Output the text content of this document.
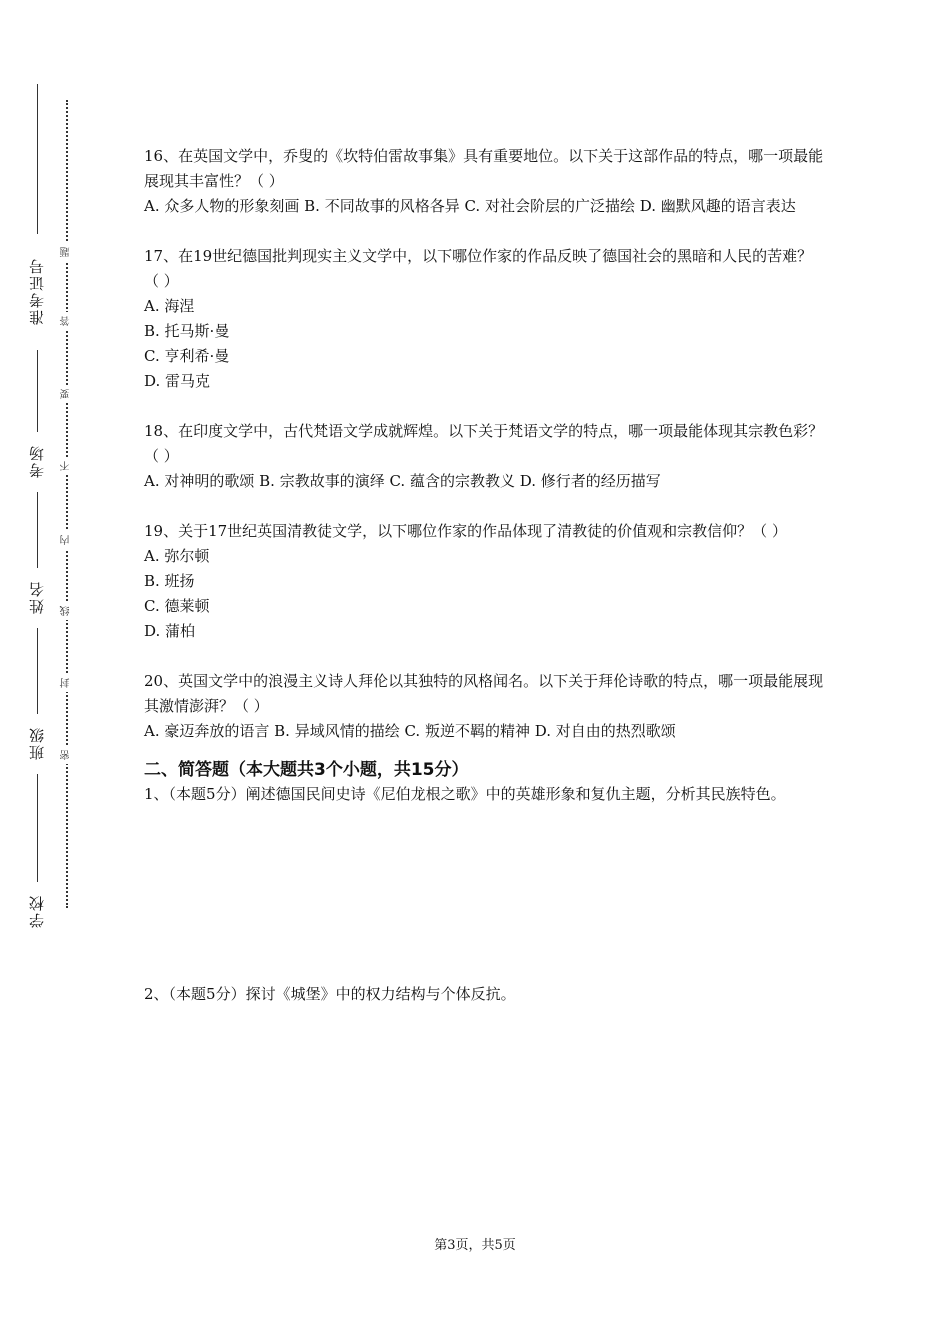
准考证号
考场
姓名
班级
学校
题
答
要
不
内
线
封
密

16、在英国文学中，乔叟的《坎特伯雷故事集》具有重要地位。以下关于这部作品的特点，哪一项最能展现其丰富性？（ ）

A. 众多人物的形象刻画 B. 不同故事的风格各异 C. 对社会阶层的广泛描绘 D. 幽默风趣的语言表达

17、在19世纪德国批判现实主义文学中，以下哪位作家的作品反映了德国社会的黑暗和人民的苦难？（ ）

A. 海涅

B. 托马斯·曼

C. 亨利希·曼

D. 雷马克

18、在印度文学中，古代梵语文学成就辉煌。以下关于梵语文学的特点，哪一项最能体现其宗教色彩？（ ）

A. 对神明的歌颂 B. 宗教故事的演绎 C. 蕴含的宗教教义 D. 修行者的经历描写

19、关于17世纪英国清教徒文学，以下哪位作家的作品体现了清教徒的价值观和宗教信仰？（ ）

A. 弥尔顿

B. 班扬

C. 德莱顿

D. 蒲柏

20、英国文学中的浪漫主义诗人拜伦以其独特的风格闻名。以下关于拜伦诗歌的特点，哪一项最能展现其激情澎湃？（ ）

A. 豪迈奔放的语言 B. 异域风情的描绘 C. 叛逆不羁的精神 D. 对自由的热烈歌颂

二、简答题（本大题共3个小题，共15分）

1、（本题5分）阐述德国民间史诗《尼伯龙根之歌》中的英雄形象和复仇主题，分析其民族特色。

2、（本题5分）探讨《城堡》中的权力结构与个体反抗。

第3页，共5页
